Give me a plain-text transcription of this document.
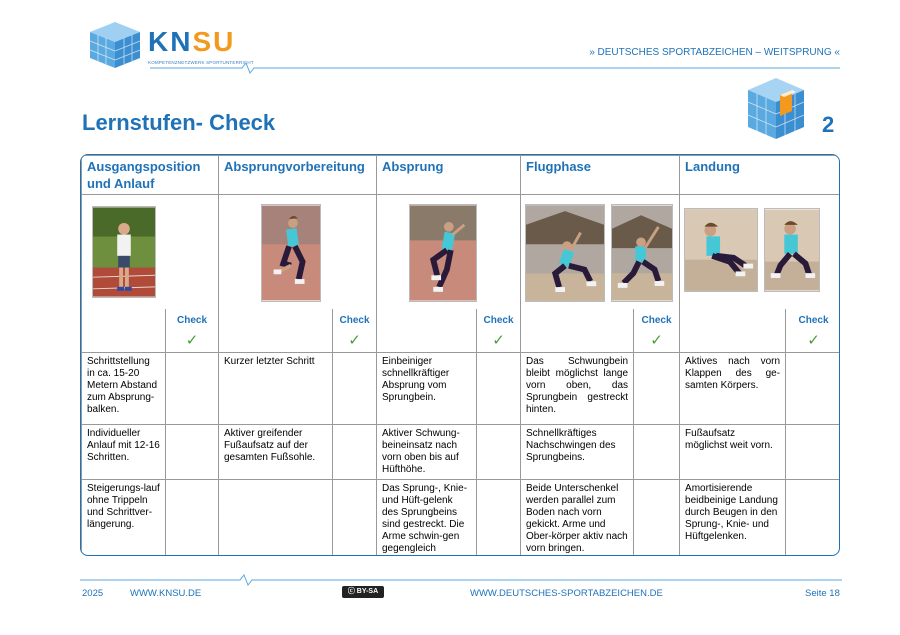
KNSU
KOMPETENZNETZWERK SPORTUNTERRICHT
» DEUTSCHES SPORTABZEICHEN – WEITSPRUNG «
Lernstufen- Check	2
Ausgangsposition und Anlauf		Absprungvorbereitung		Absprung		Flugphase		Landung	

	Check		Check		Check		Check		Check
	✓		✓		✓		✓		✓
Schrittstellung in ca. 15-20 Metern Abstand zum Absprung-balken.		Kurzer letzter Schritt		Einbeiniger schnellkräftiger Absprung vom Sprungbein.		Das Schwungbein bleibt möglichst lange vorn oben, das Sprungbein gestreckt hinten.		Aktives nach vorn Klappen des ge-samten Körpers.	
Individueller Anlauf mit 12-16 Schritten.		Aktiver greifender Fußaufsatz auf der gesamten Fußsohle.		Aktiver Schwung-beineinsatz nach vorn oben bis auf Hüfthöhe.		Schnellkräftiges Nachschwingen des Sprungbeins.		Fußaufsatz möglichst weit vorn.	
Steigerungs-lauf ohne Trippeln und Schrittver-längerung.				Das Sprung-, Knie- und Hüft-gelenk des Sprungbeins sind gestreckt. Die Arme schwin-gen gegengleich		Beide Unterschenkel werden parallel zum Boden nach vorn gekickt. Arme und Ober-körper aktiv nach vorn bringen.		Amortisierende beidbeinige Landung durch Beugen in den Sprung-, Knie- und Hüftgelenken.	
2025	WWW.KNSU.DE	ⓒ BY-SA	WWW.DEUTSCHES-SPORTABZEICHEN.DE	Seite 18
